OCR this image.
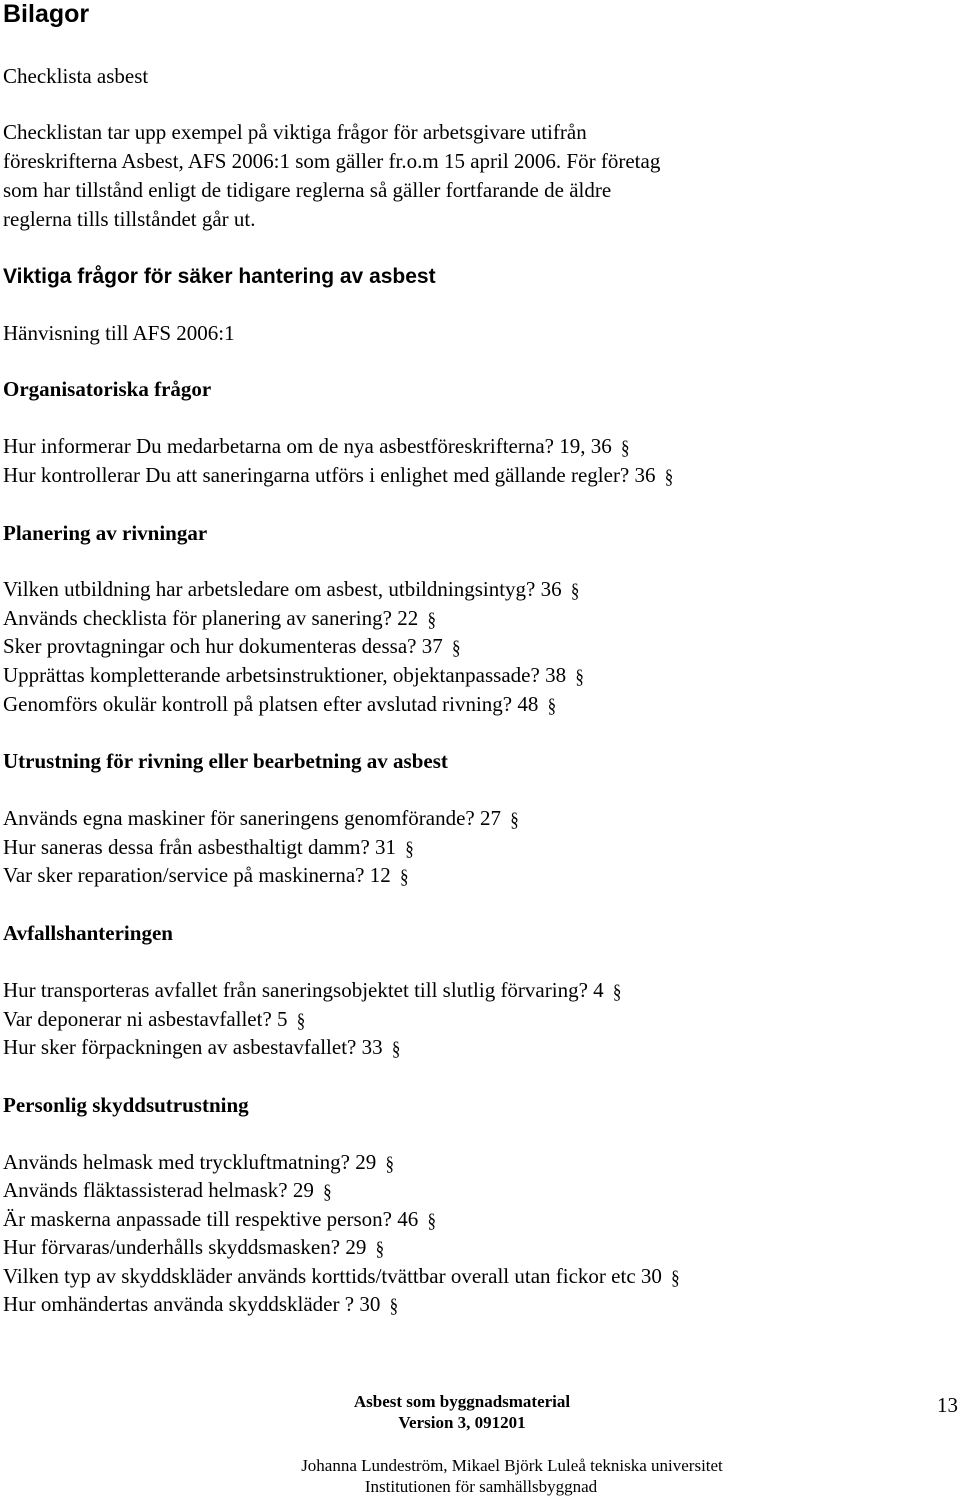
Bilagor
Checklista asbest
Checklistan tar upp exempel på viktiga frågor för arbetsgivare utifrån
föreskrifterna Asbest, AFS 2006:1 som gäller fr.o.m 15 april 2006. För företag
som har tillstånd enligt de tidigare reglerna så gäller fortfarande de äldre
reglerna tills tillståndet går ut.
Viktiga frågor för säker hantering av asbest
Hänvisning till AFS 2006:1
Organisatoriska frågor
Hur informerar Du medarbetarna om de nya asbestföreskrifterna? 19, 36 §
Hur kontrollerar Du att saneringarna utförs i enlighet med gällande regler? 36 §
Planering av rivningar
Vilken utbildning har arbetsledare om asbest, utbildningsintyg? 36 §
Används checklista för planering av sanering? 22 §
Sker provtagningar och hur dokumenteras dessa? 37 §
Upprättas kompletterande arbetsinstruktioner, objektanpassade? 38 §
Genomförs okulär kontroll på platsen efter avslutad rivning? 48 §
Utrustning för rivning eller bearbetning av asbest
Används egna maskiner för saneringens genomförande? 27 §
Hur saneras dessa från asbesthaltigt damm? 31 §
Var sker reparation/service på maskinerna? 12 §
Avfallshanteringen
Hur transporteras avfallet från saneringsobjektet till slutlig förvaring? 4 §
Var deponerar ni asbestavfallet? 5 §
Hur sker förpackningen av asbestavfallet? 33 §
Personlig skyddsutrustning
Används helmask med tryckluftmatning? 29 §
Används fläktassisterad helmask? 29 §
Är maskerna anpassade till respektive person? 46 §
Hur förvaras/underhålls skyddsmasken? 29 §
Vilken typ av skyddskläder används korttids/tvättbar overall utan fickor etc 30 §
Hur omhändertas använda skyddskläder ? 30 §
Asbest som byggnadsmaterial
Version 3, 091201
13
Johanna Lundeström, Mikael Björk Luleå tekniska universitet
Institutionen för samhällsbyggnad
